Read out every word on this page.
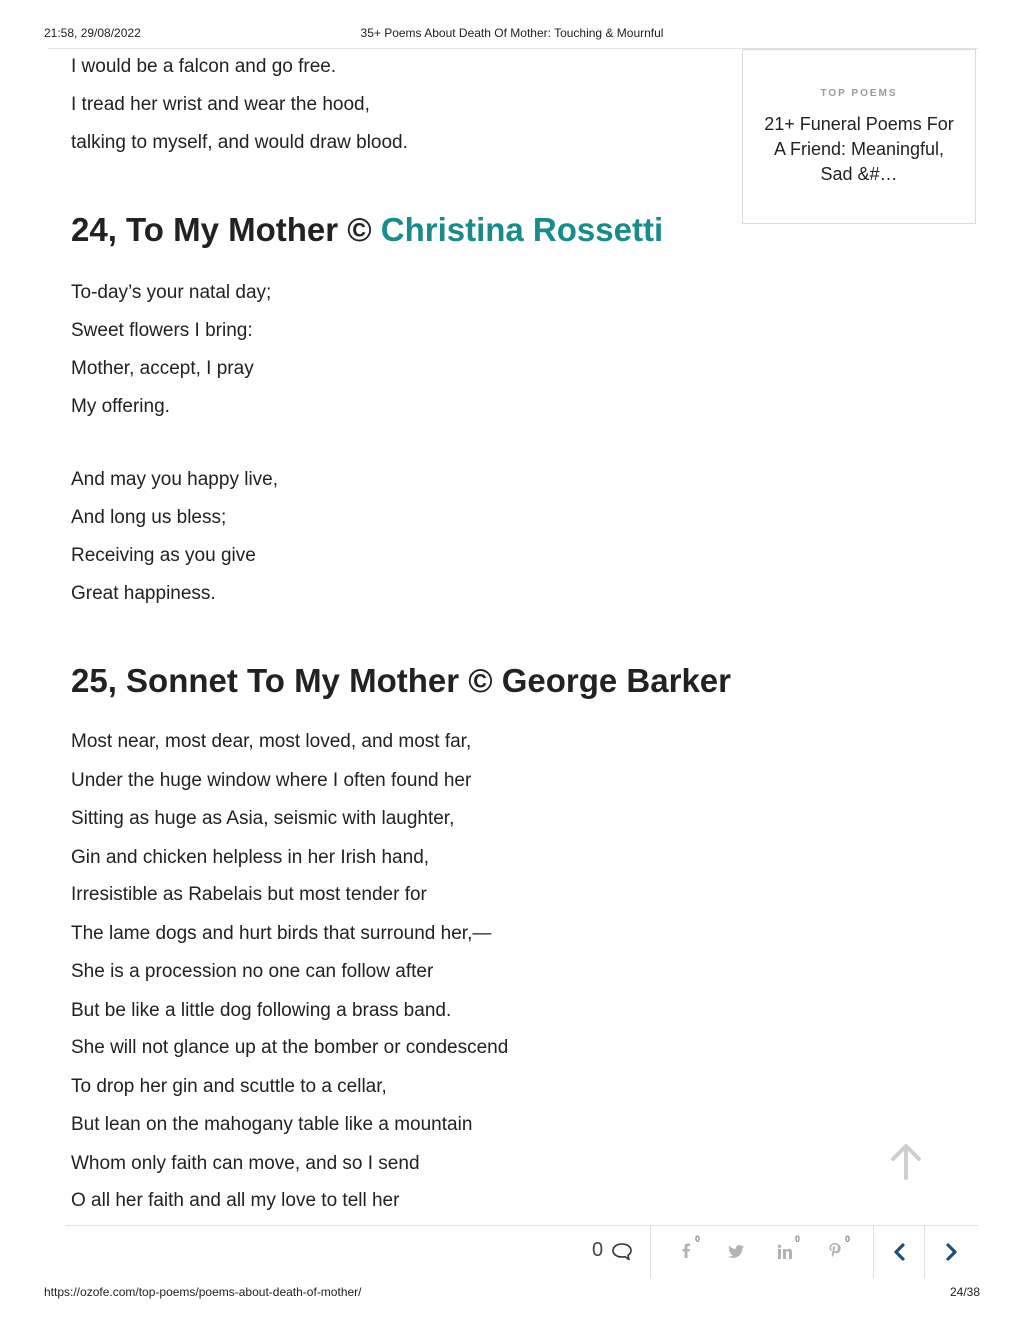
21:58, 29/08/2022	35+ Poems About Death Of Mother: Touching & Mournful
I would be a falcon and go free.
I tread her wrist and wear the hood,
talking to myself, and would draw blood.
24, To My Mother © Christina Rossetti
To-day’s your natal day;
Sweet flowers I bring:
Mother, accept, I pray
My offering.
And may you happy live,
And long us bless;
Receiving as you give
Great happiness.
25, Sonnet To My Mother © George Barker
Most near, most dear, most loved, and most far,
Under the huge window where I often found her
Sitting as huge as Asia, seismic with laughter,
Gin and chicken helpless in her Irish hand,
Irresistible as Rabelais but most tender for
The lame dogs and hurt birds that surround her,—
She is a procession no one can follow after
But be like a little dog following a brass band.
She will not glance up at the bomber or condescend
To drop her gin and scuttle to a cellar,
But lean on the mahogany table like a mountain
Whom only faith can move, and so I send
O all her faith and all my love to tell her
TOP POEMS
21+ Funeral Poems For A Friend: Meaningful, Sad &#…
0	0	0	0
https://ozofe.com/top-poems/poems-about-death-of-mother/	24/38
